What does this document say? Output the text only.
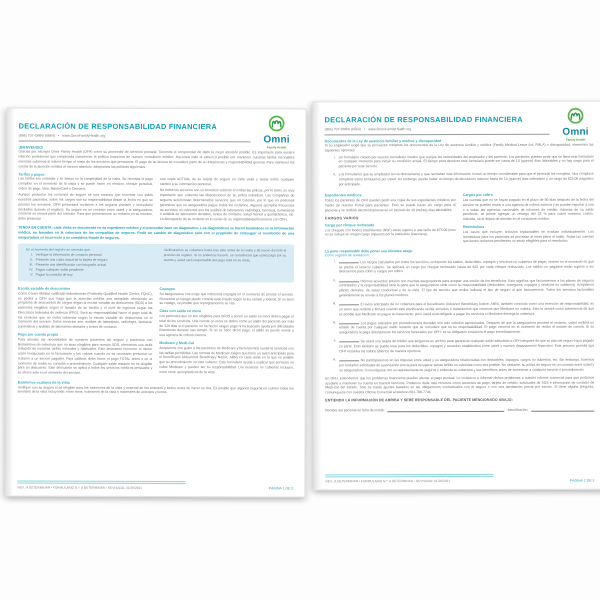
Omni
Family Health
DECLARACIÓN DE RESPONSABILIDAD FINANCIERA
(866) 707-OMNI (6664) • www.OmniFamilyHealth.org
¡BIENVENIDO!
Gracias por escoger Omni Family Health (OFH) como su proveedor de atención primaria. Tenemos el compromiso de darle la mejor atención posible. Es importante para nuestra relación profesional que comprenda claramente la política financiera de nuestro consultorio médico. Hacemos todo el esfuerzo posible por mantener nuestras tarifas razonables mientras cubrimos al mismo tiempo el costo de los servicios que prestamos. El pago de su factura se considera parte de su tratamiento y responsabilidad general. Para mantener los costos de la atención médica al mínimo absoluto, adoptamos las políticas siguientes:
Tarifas y pagos
Las tarifas son estándar y se basan en la complejidad de la visita. Se necesita el pago completo en el momento de la visita y se puede hacer en efectivo, cheque personal, orden de pago, Visa, MasterCard o Discover.
Aunque presentar los reclamos de seguro es una cortesía que tenemos con todos nuestros pacientes, todos los cargos son su responsabilidad desde la fecha en que se prestan los servicios. OFH presentará reclamos a los seguros primario y secundario (incluidos durante el registro). Su seguro es un contrato entre usted y la aseguradora; nosotros no somos parte del contrato. Para que presentemos un reclamo en su nombre, debe presentar
una copia ACTUAL de su tarjeta de seguro en cada visita y avisar sobre cualquier cambio a su información personal.
No todos los servicios son un beneficio cubierto en todas las pólizas; por lo tanto, es muy importante que entienda las disposiciones de su póliza individual. Las compañías de seguros seleccionan determinados servicios que no cubrirán, por lo que no podemos garantizar que su aseguradora pague todos los reclamos. Algunos ejemplos frecuentes de servicios no cubiertos son los análisis de laboratorio, radiología, farmacia, suministros o análisis de laboratorio dentales, lentes de contacto, salud mental y quiropráctica, etc. La denegación de su reclamo no lo exime de su responsabilidad financiera con OFH.
TENGA EN CUENTA: cada visita se documenta en su expediente médico y el proveedor hace un diagnóstico. Los diagnósticos se hacen basándose en la información médica, no basados en la cobertura de las compañías de seguros. Pedir un cambio de diagnóstico solo con el propósito de conseguir el reembolso de una aseguradora es incorrecto y se considera fraude de seguros.
En el momento del registro se necesita que:
I. Verifique la información de contacto personal
II. Presente una copia actual de la tarjeta de seguro
III. Presente una identificación con fotografía actual
IV. Pague cualquier saldo pendiente
V. Pague la consulta de hoy
Verificaremos su cobertura hasta tres días antes de su visita y de nuevo durante el proceso de registro. Si no podemos hacerlo, se considerará que usted paga por su cuenta y usted será responsable del pago total en su visita.
Escala variable de descuentos
Como Centro Médico calificado federalmente (Federally Qualified Health Center, FQHC), se pedirá a OFH que haga que la atención médica sea asequible ofreciendo un programa de descuentos de cargos según la escala variable de descuentos (SDS) a los pacientes elegibles según el tamaño de su familia y el nivel de ingresos según las Directrices federales de pobreza (FPG). Será su responsabilidad hacer el pago total de los servicios que no están cubiertos según la escala variable de descuentos en el momento del servicio. Estos servicios son: análisis de laboratorio, radiología, farmacia, suministros y análisis de laboratorio dentales y lentes de contacto.
Pago por cuenta propia
Para atender las necesidades de nuestros pacientes sin seguro y pacientes con limitaciones de cobertura que no sean elegibles para nuestro SDS, ofrecemos una tarifa reducida de nuestras tarifas normales y habituales. Este descuento reconoce el menor costo involucrado en la facturación y los cobros cuando no es necesario presentar un reclamo a un tercero pagador. Para calificar, debe hacer el pago TOTAL antes o en el momento de recibir su consulta o procedimiento. Cualquier saldo restante no es elegible para un descuento. Este descuento se aplica a todos los servicios médicos prestados y se ofrece solo en el momento del servicio.
Copagos
Su aseguradora nos exige que cobremos copagos en el momento de prestar el servicio. Renunciar al copago puede considerarse fraude según la ley estatal y federal. Si no tiene su copago, es posible que reprogramemos su cita.
Citas con saldo en mora
Los pacientes que no son elegibles para SFDS y tienen un saldo en mora deben pagar el total de los servicios. Una cuenta en mora se define como un saldo del paciente por más de 120 días si el paciente no ha hecho ningún pago ni ha buscado ayuda por dificultades financieras durante ese tiempo. Si no se hace dicho pago, el saldo se puede remitir a una agencia de cobros externa.
Medicare y Medi-Cal
Aceptamos con gusto a los pacientes de Medicare y facturaremos nuestros servicios con las tarifas permitidas. Las normas de Medicare exigen que firme un aviso anticipado para el beneficiario (Advanced Beneficiary Notice, ABN) en cada visita en la que es posible que su procedimiento no esté cubierto. Este formulario ayuda a explicar qué servicios no cubre Medicare y pueden ser su responsabilidad. Los servicios no cubiertos incluyen, entre otros, quiroprácticos de la vista.
Exámenes oculares de la vista
Verifique con su seguro si es elegible para los exámenes de la vista y material de los anteojos y lentes antes de hacer su cita. Es posible que algunos seguros no cubran todos los servicios de la vista incluyendo, entre otros, exámenes de la vista o materiales de anteojos y lentes.
REV.: A DETERMINAR • FORMULARIO N.º: A DETERMINAR • REVISADO: 01/29/2021	PÁGINA 1 DE 2
Omni
Family Health
DECLARACIÓN DE RESPONSABILIDAD FINANCIERA
(866) 707-OMNI (6664) • www.OmniFamilyHealth.org
Documentos de la Ley de ausencia familiar y médica y discapacidad
Si su empleador exige que su proveedor complete los documentos de la Ley de ausencia familiar y médica (Family Medical Leave Act, FMLA) o discapacidad, ofrecemos las siguientes opciones:
i. Un formulario creado por nuestro consultorio médico que cumple las necesidades del empleador y del paciente. Los pacientes pueden pedir que se llene este formulario en cualquier momento para incluir su condición actual. El tiempo para devolver este formulario puede ser hasta de 10 (quince) días laborables y no hay cargo para el paciente por este servicio.
ii. Los formularios que su empleador envía directamente y que necesitan más información toman un tiempo considerable para que el personal los complete. Nos complace completar estos formularios por usted; sin embargo, puede haber un tiempo de devolución máximo hasta de 14 (quince) días calendario y un cargo de $25.00 pagadero por anticipado.
Expedientes médicos
Todos los pacientes de OFH pueden pedir una copia de sus expedientes médicos por medio de nuestro Portal para pacientes. Esto se puede hacer sin cargo para el paciente y se recibirá electrónicamente en un período de 10 (treinta) días laborables.
CARGOS VARIOS
Cargo por cheque rechazado
Los cheques con fondos insuficientes (NSF) están sujetos a una tarifa de $75.00 (esto no se incluye en ningún cargo impuesto por la institución financiera).
Cargos por cobro
Las cuentas que no se hayan pagado en el plazo de 90 días después de la fecha del servicio se pueden enviar a una agencia de cobros externa y se pueden reportar a una o a todas las agencias nacionales de informes de crédito. Además de su saldo pendiente, se puede agregar un recargo del 33 % para cubrir nuestros costos. Además, se le dejará de atender en el consultorio médico.
Reembolsos
Los casos que incluyen artículos implantables se evalúan individualmente. Los reembolsos para los pacientes se procesan al tener pleno el saldo. Todas las cuentas que tienen reclamos pendientes no serán elegibles para el reembolso.
La parte responsable debe poner sus iniciales abajo.
Como registro de revelación:
i.	Los cargos calculados por todos los servicios, incluyendo los saldos, deducibles, copagos y servicios no cubiertos de pagar, vencen en el momento en que se presta el servicio cubierto. Se aplicará un cargo por cheque rechazado hasta de $25 por cada cheque rechazado. Los saldos no pagados están sujetos a los descuentos para cobro y cargos por cobro.
ii.	Hicimos acuerdos previos con muchas aseguradoras para aceptar una cesión de los beneficios. Esto significa que facturaremos a los planes de seguros contratados y la responsabilidad será la parte que la aseguradora cede como su responsabilidad (deducibles, coseguros, copagos y servicios no cubiertos). Aceptamos planes dentales, de salud conductual y de la vista. El tipo de servicio que reciba indicará el tipo de seguro al que facturaremos. Todos los servicios facturables generalmente se envían a los planes médicos.
iii.	El aviso anticipado de no cobertura para el beneficiario (Advance Beneficiary Notice, ABN), también conocido como una exención de responsabilidad, es un aviso que recibirá y firmará cuando esté planificando recibir servicios o tratamientos que creamos que Medicare no cubrirá. Esto le servirá como advertencia de que es posible que Medicare no pague su tratamiento, pero usted está obligado a pagar los servicios si Medicare deniega la cobertura.
iv.	Los pagos cobrados por procedimientos dentales son solo cálculos aproximados. Después de que la aseguradora procese el reclamo, usted recibirá un estado de cuenta por cualquier saldo restante que se considere que es su responsabilidad. El pago vencerá en el momento de recibir el estado de cuenta. Si su aseguradora le paga directamente los servicios facturados por OFH, es su obligación enviarnos el pago inmediatamente.
v.	Se usará una tarjeta de crédito que tengamos en archivo para garantizar cualquier saldo adeudado a OFH después de que su plan de seguro haya pagado su parte. Esto también se puede usar para los deducibles, copagos y acuerdos establecidos entre usted y nuestro departamento financiero. Este proceso permite que OFH resuelva los saldos abiertos de manera oportuna.
vi.	No participaremos en las disputas entre usted y su aseguradora relacionadas con deducibles, copagos, cargos no cubiertos, etc. Sin embargo, haremos por enviarles solicitudes de autorización previa para recuperar tantas tarifas no cubiertas como sea posible. No obstante, su póliza de seguro es un contrato entre usted y su aseguradora. Comuníquese con su representante de seguros y entienda su cobertura y sus beneficios antes de someterse a cualquier servicio o procedimiento.
En OFH, entendemos que los problemas financieros pueden afectar el pago puntual. Lo invitamos a informar dichos problemas a nuestro informe comercial para que podamos ayudarlo a mantener su cuenta en buenos términos. Podemos darle más recursos como acuerdos de pago, tarjeta de crédito, solicitudes de SDS e información de contacto de Medi-Cal del estado. Solo se harán ajustes basados en las obligaciones contractuales con el seguro o con una aprobación previa por escrito. Si tiene alguna pregunta, comuníquese con nuestra Oficina Comercial al teléfono 661-708-7746.
ENTIENDO LA INFORMACIÓN DE ARRIBA Y SERÉ RESPONSABLE DEL PACIENTE MENCIONADO ABAJO:
Nombre del paciente en letra de molde:	Identificación:
REV.: A DETERMINAR • FORMULARIO N.º: A DETERMINAR • REVISADO: 01/29/2021	PÁGINA 2 DE 2
